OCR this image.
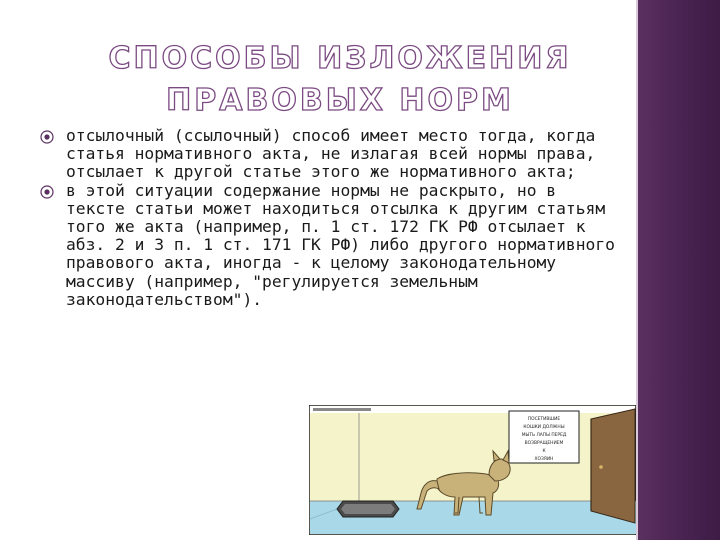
СПОСОБЫ ИЗЛОЖЕНИЯ ПРАВОВЫХ НОРМ
отсылочный (ссылочный) способ имеет место тогда, когда статья нормативного акта, не излагая всей нормы права, отсылает к другой статье этого же нормативного акта;
в этой ситуации содержание нормы не раскрыто, но в тексте статьи может находиться отсылка к другим статьям того же акта (например, п. 1 ст. 172 ГК РФ отсылает к абз. 2 и 3 п. 1 ст. 171 ГК РФ) либо другого нормативного правового акта, иногда - к целому законодательному массиву (например, "регулируется земельным законодательством").
ПОСЕТИВШИЕ
КОШКИ ДОЛЖНЫ
МЫТЬ ЛАПЫ ПЕРЕД
ВОЗВРАЩЕНИЕМ
К
ХОЗЯИН
